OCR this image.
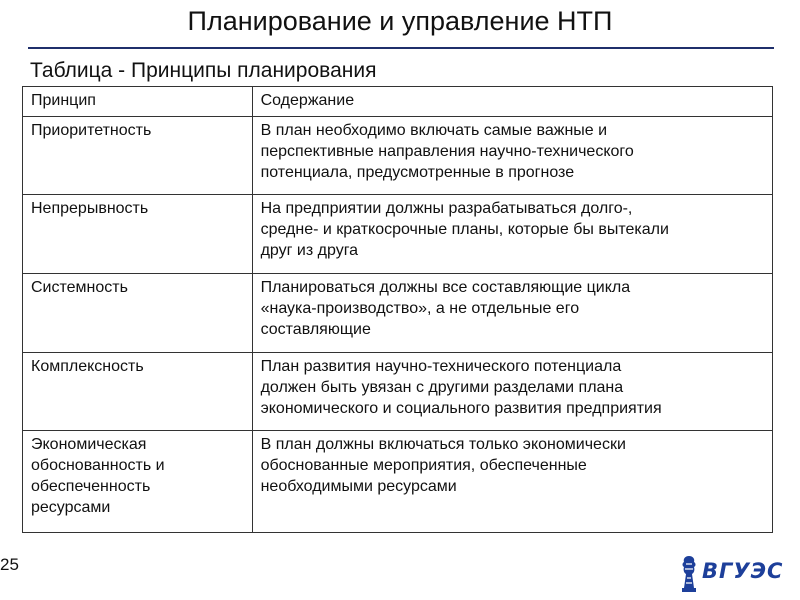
Планирование и управление НТП
Таблица - Принципы планирования
Принцип	Содержание

Приоритетность	В план необходимо включать самые важные и
перспективные направления научно-технического
потенциала, предусмотренные в прогнозе

Непрерывность	На предприятии должны разрабатываться долго-,
средне- и краткосрочные планы, которые бы вытекали
друг из друга

Системность	Планироваться должны все составляющие цикла
«наука-производство», а не отдельные его
составляющие

Комплексность	План развития научно-технического потенциала
должен быть увязан с другими разделами плана
экономического и социального развития предприятия

Экономическая
обоснованность и
обеспеченность
ресурсами	В план должны включаться только экономически
обоснованные мероприятия, обеспеченные
необходимыми ресурсами
25	ВГУЭС
